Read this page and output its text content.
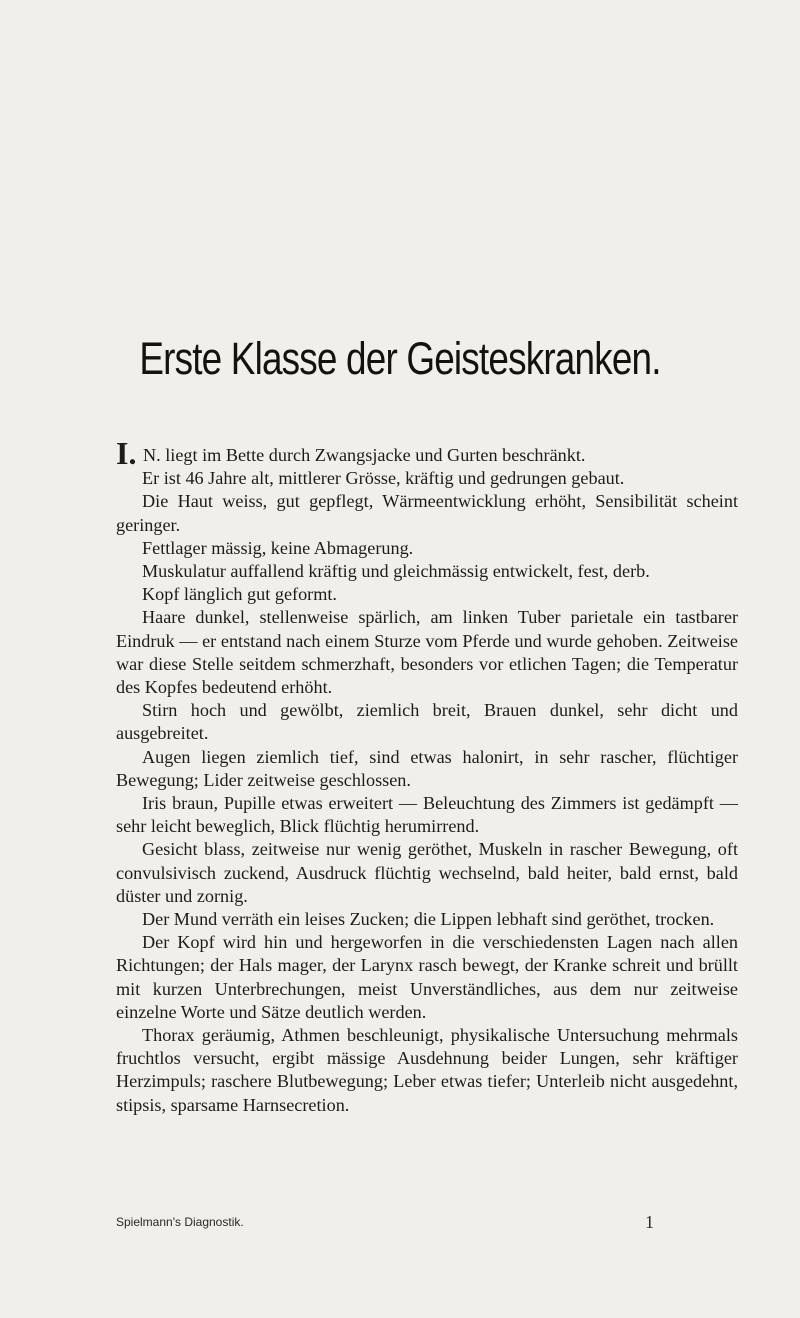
Erste Klasse der Geisteskranken.

I. N. liegt im Bette durch Zwangsjacke und Gurten beschränkt.

Er ist 46 Jahre alt, mittlerer Grösse, kräftig und gedrungen gebaut.

Die Haut weiss, gut gepflegt, Wärmeentwicklung erhöht, Sensibilität scheint geringer.

Fettlager mässig, keine Abmagerung.

Muskulatur auffallend kräftig und gleichmässig entwickelt, fest, derb.

Kopf länglich gut geformt.

Haare dunkel, stellenweise spärlich, am linken Tuber parietale ein tastbarer Eindruk — er entstand nach einem Sturze vom Pferde und wurde gehoben. Zeitweise war diese Stelle seitdem schmerzhaft, besonders vor etlichen Tagen; die Temperatur des Kopfes bedeutend erhöht.

Stirn hoch und gewölbt, ziemlich breit, Brauen dunkel, sehr dicht und ausgebreitet.

Augen liegen ziemlich tief, sind etwas halonirt, in sehr rascher, flüchtiger Bewegung; Lider zeitweise geschlossen.

Iris braun, Pupille etwas erweitert — Beleuchtung des Zimmers ist gedämpft — sehr leicht beweglich, Blick flüchtig herumirrend.

Gesicht blass, zeitweise nur wenig geröthet, Muskeln in rascher Bewegung, oft convulsivisch zuckend, Ausdruck flüchtig wechselnd, bald heiter, bald ernst, bald düster und zornig.

Der Mund verräth ein leises Zucken; die Lippen lebhaft sind geröthet, trocken.

Der Kopf wird hin und hergeworfen in die verschiedensten Lagen nach allen Richtungen; der Hals mager, der Larynx rasch bewegt, der Kranke schreit und brüllt mit kurzen Unterbrechungen, meist Unverständliches, aus dem nur zeitweise einzelne Worte und Sätze deutlich werden.

Thorax geräumig, Athmen beschleunigt, physikalische Untersuchung mehrmals fruchtlos versucht, ergibt mässige Ausdehnung beider Lungen, sehr kräftiger Herzimpuls; raschere Blutbewegung; Leber etwas tiefer; Unterleib nicht ausgedehnt, stipsis, sparsame Harnsecretion.

Spielmann's Diagnostik.	1
